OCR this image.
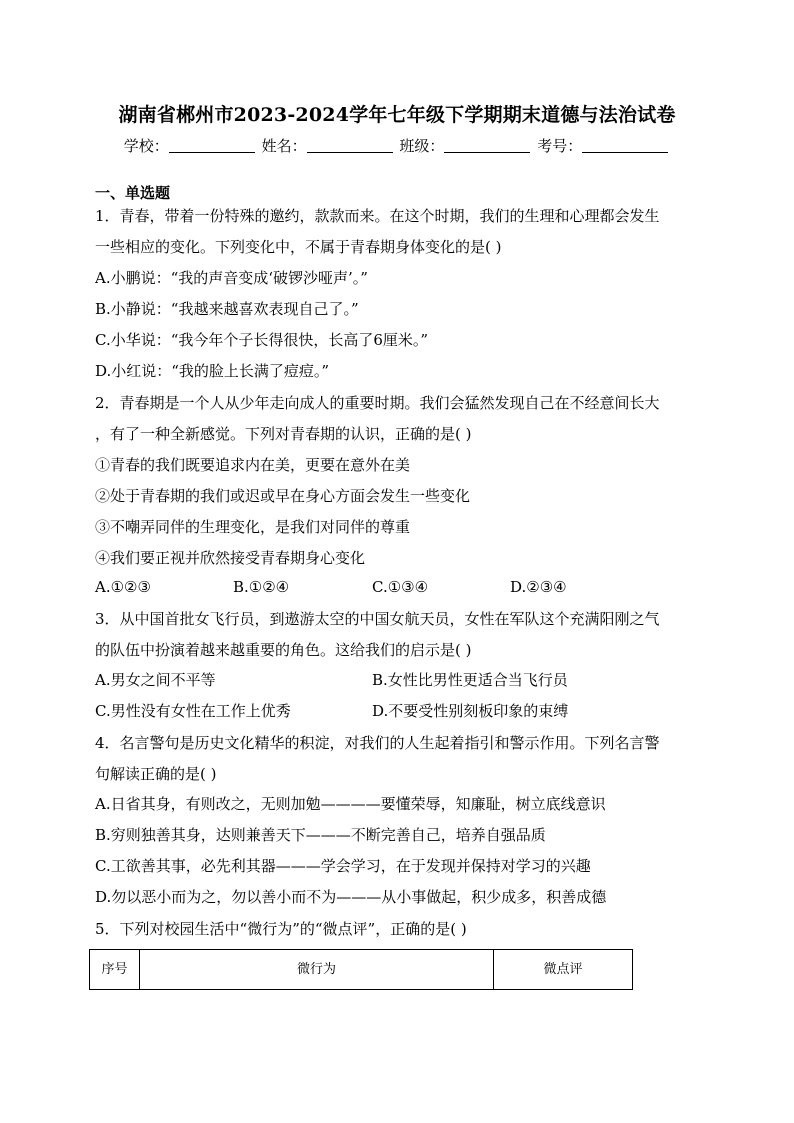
湖南省郴州市2023-2024学年七年级下学期期末道德与法治试卷
学校：	姓名：	班级：	考号：
一、单选题
1．青春，带着一份特殊的邀约，款款而来。在这个时期，我们的生理和心理都会发生
一些相应的变化。下列变化中，不属于青春期身体变化的是( )
A.小鹏说：“我的声音变成‘破锣沙哑声’。”
B.小静说：“我越来越喜欢表现自己了。”
C.小华说：“我今年个子长得很快，长高了6厘米。”
D.小红说：“我的脸上长满了痘痘。”
2．青春期是一个人从少年走向成人的重要时期。我们会猛然发现自己在不经意间长大
，有了一种全新感觉。下列对青春期的认识，正确的是( )
①青春的我们既要追求内在美，更要在意外在美
②处于青春期的我们或迟或早在身心方面会发生一些变化
③不嘲弄同伴的生理变化，是我们对同伴的尊重
④我们要正视并欣然接受青春期身心变化
A.①②③	B.①②④	C.①③④	D.②③④
3．从中国首批女飞行员，到遨游太空的中国女航天员，女性在军队这个充满阳刚之气
的队伍中扮演着越来越重要的角色。这给我们的启示是( )
A.男女之间不平等	B.女性比男性更适合当飞行员
C.男性没有女性在工作上优秀	D.不要受性别刻板印象的束缚
4．名言警句是历史文化精华的积淀，对我们的人生起着指引和警示作用。下列名言警
句解读正确的是( )
A.日省其身，有则改之，无则加勉————要懂荣辱，知廉耻，树立底线意识
B.穷则独善其身，达则兼善天下———不断完善自己，培养自强品质
C.工欲善其事，必先利其器———学会学习，在于发现并保持对学习的兴趣
D.勿以恶小而为之，勿以善小而不为———从小事做起，积少成多，积善成德
5．下列对校园生活中“微行为”的“微点评”，正确的是( )
序号	微行为	微点评
